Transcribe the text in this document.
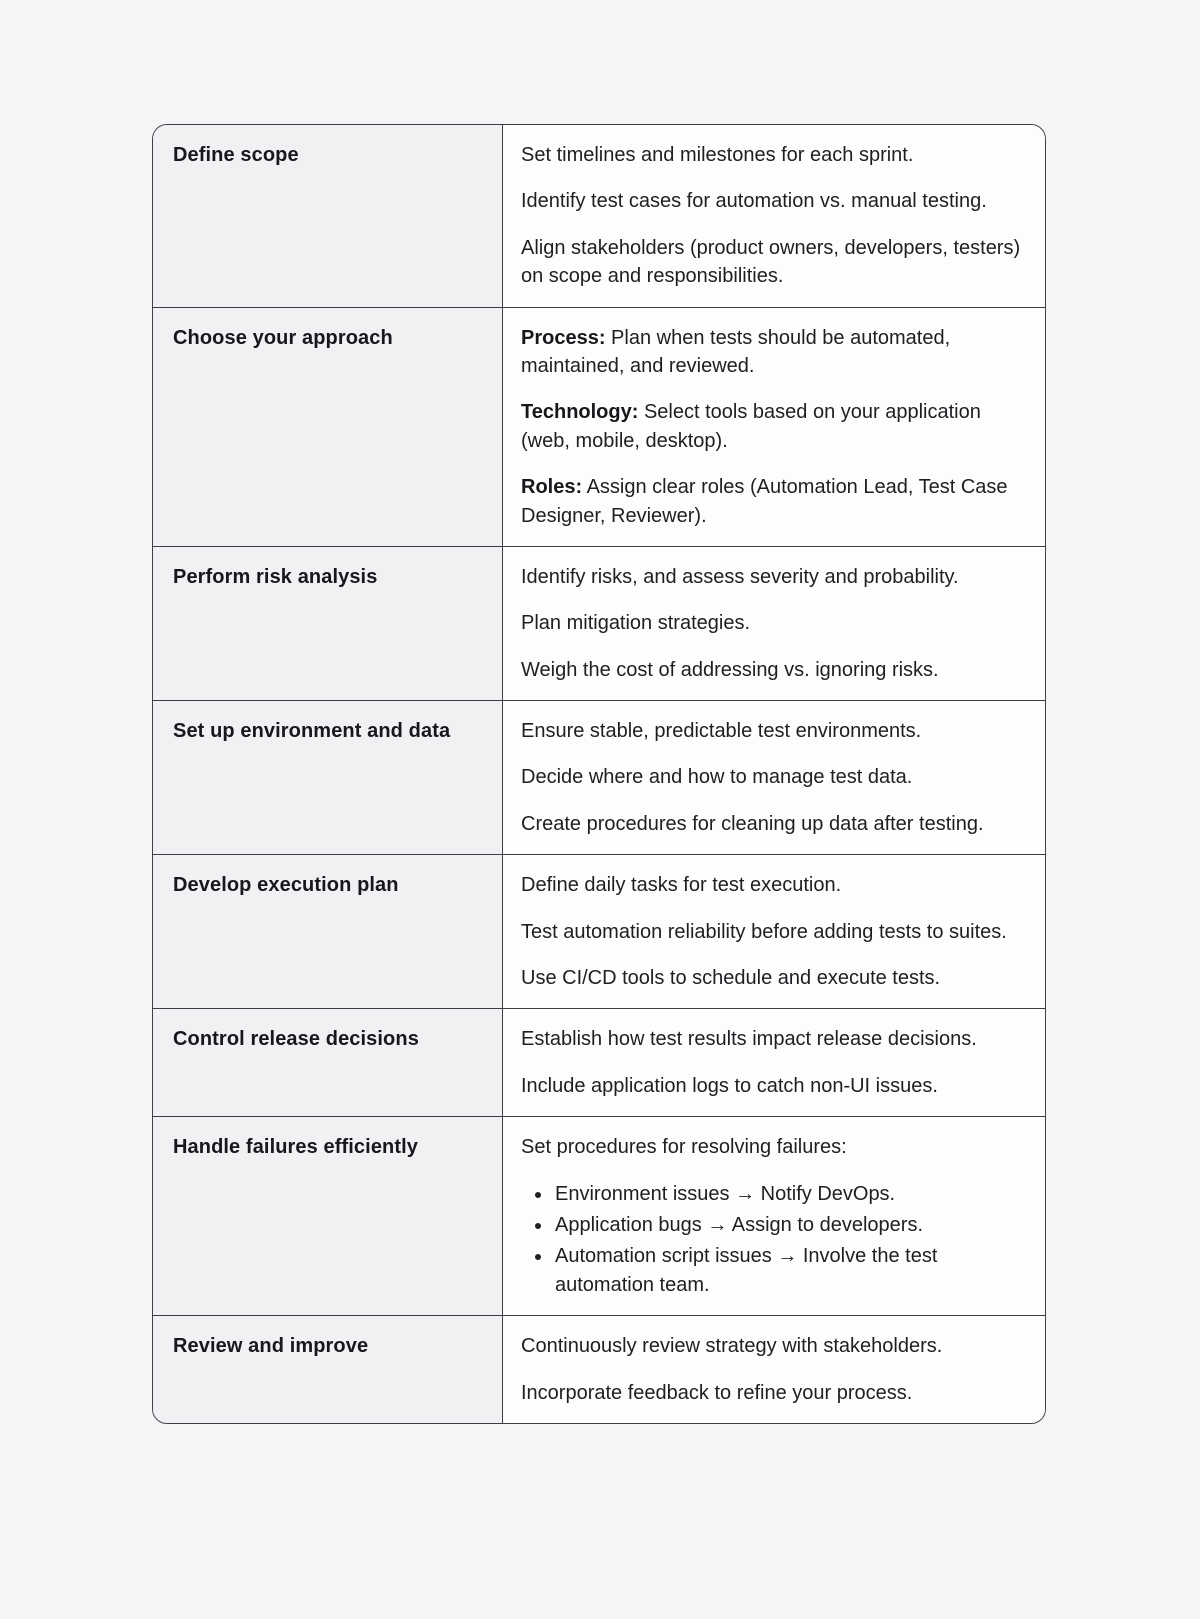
Define scope	Set timelines and milestones for each sprint.

Identify test cases for automation vs. manual testing.

Align stakeholders (product owners, developers, testers) on scope and responsibilities.

Choose your approach	Process: Plan when tests should be automated, maintained, and reviewed.

Technology: Select tools based on your application (web, mobile, desktop).

Roles: Assign clear roles (Automation Lead, Test Case Designer, Reviewer).

Perform risk analysis	Identify risks, and assess severity and probability.

Plan mitigation strategies.

Weigh the cost of addressing vs. ignoring risks.

Set up environment and data	Ensure stable, predictable test environments.

Decide where and how to manage test data.

Create procedures for cleaning up data after testing.

Develop execution plan	Define daily tasks for test execution.

Test automation reliability before adding tests to suites.

Use CI/CD tools to schedule and execute tests.

Control release decisions	Establish how test results impact release decisions.

Include application logs to catch non-UI issues.

Handle failures efficiently	Set procedures for resolving failures:

• Environment issues → Notify DevOps.
• Application bugs → Assign to developers.
• Automation script issues → Involve the test automation team.
Review and improve	Continuously review strategy with stakeholders.

Incorporate feedback to refine your process.
